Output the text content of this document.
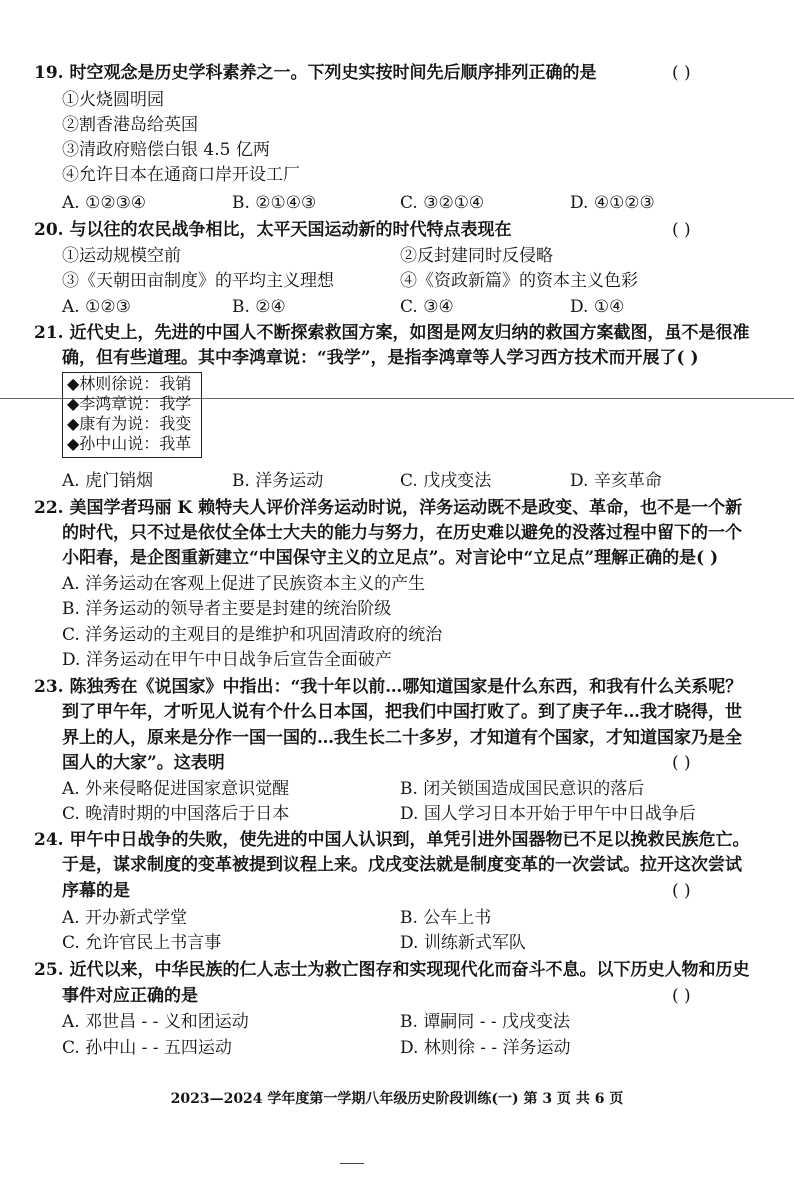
19. 时空观念是历史学科素养之一。下列史实按时间先后顺序排列正确的是	( )
①火烧圆明园
②割香港岛给英国
③清政府赔偿白银 4.5 亿两
④允许日本在通商口岸开设工厂
A. ①②③④	B. ②①④③	C. ③②①④	D. ④①②③
20. 与以往的农民战争相比，太平天国运动新的时代特点表现在	( )
①运动规模空前	②反封建同时反侵略
③《天朝田亩制度》的平均主义理想	④《资政新篇》的资本主义色彩
A. ①②③	B. ②④	C. ③④	D. ①④
21. 近代史上，先进的中国人不断探索救国方案，如图是网友归纳的救国方案截图，虽不是很准
确，但有些道理。其中李鸿章说：“我学”，是指李鸿章等人学习西方技术而开展了( )
◆林则徐说：我销
◆李鸿章说：我学
◆康有为说：我变
◆孙中山说：我革
A. 虎门销烟	B. 洋务运动	C. 戊戌变法	D. 辛亥革命
22. 美国学者玛丽 K 赖特夫人评价洋务运动时说，洋务运动既不是政变、革命，也不是一个新
的时代，只不过是依仗全体士大夫的能力与努力，在历史难以避免的没落过程中留下的一个
小阳春，是企图重新建立“中国保守主义的立足点”。对言论中“立足点”理解正确的是( )
A. 洋务运动在客观上促进了民族资本主义的产生
B. 洋务运动的领导者主要是封建的统治阶级
C. 洋务运动的主观目的是维护和巩固清政府的统治
D. 洋务运动在甲午中日战争后宣告全面破产
23. 陈独秀在《说国家》中指出：“我十年以前…哪知道国家是什么东西，和我有什么关系呢？
到了甲午年，才听见人说有个什么日本国，把我们中国打败了。到了庚子年…我才晓得，世
界上的人，原来是分作一国一国的…我生长二十多岁，才知道有个国家，才知道国家乃是全
国人的大家”。这表明	( )
A. 外来侵略促进国家意识觉醒	B. 闭关锁国造成国民意识的落后
C. 晚清时期的中国落后于日本	D. 国人学习日本开始于甲午中日战争后
24. 甲午中日战争的失败，使先进的中国人认识到，单凭引进外国器物已不足以挽救民族危亡。
于是，谋求制度的变革被提到议程上来。戊戌变法就是制度变革的一次尝试。拉开这次尝试
序幕的是	( )
A. 开办新式学堂	B. 公车上书
C. 允许官民上书言事	D. 训练新式军队
25. 近代以来，中华民族的仁人志士为救亡图存和实现现代化而奋斗不息。以下历史人物和历史
事件对应正确的是	( )
A. 邓世昌 - - 义和团运动	B. 谭嗣同 - - 戊戌变法
C. 孙中山 - - 五四运动	D. 林则徐 - - 洋务运动
2023—2024 学年度第一学期八年级历史阶段训练(一) 第 3 页 共 6 页
